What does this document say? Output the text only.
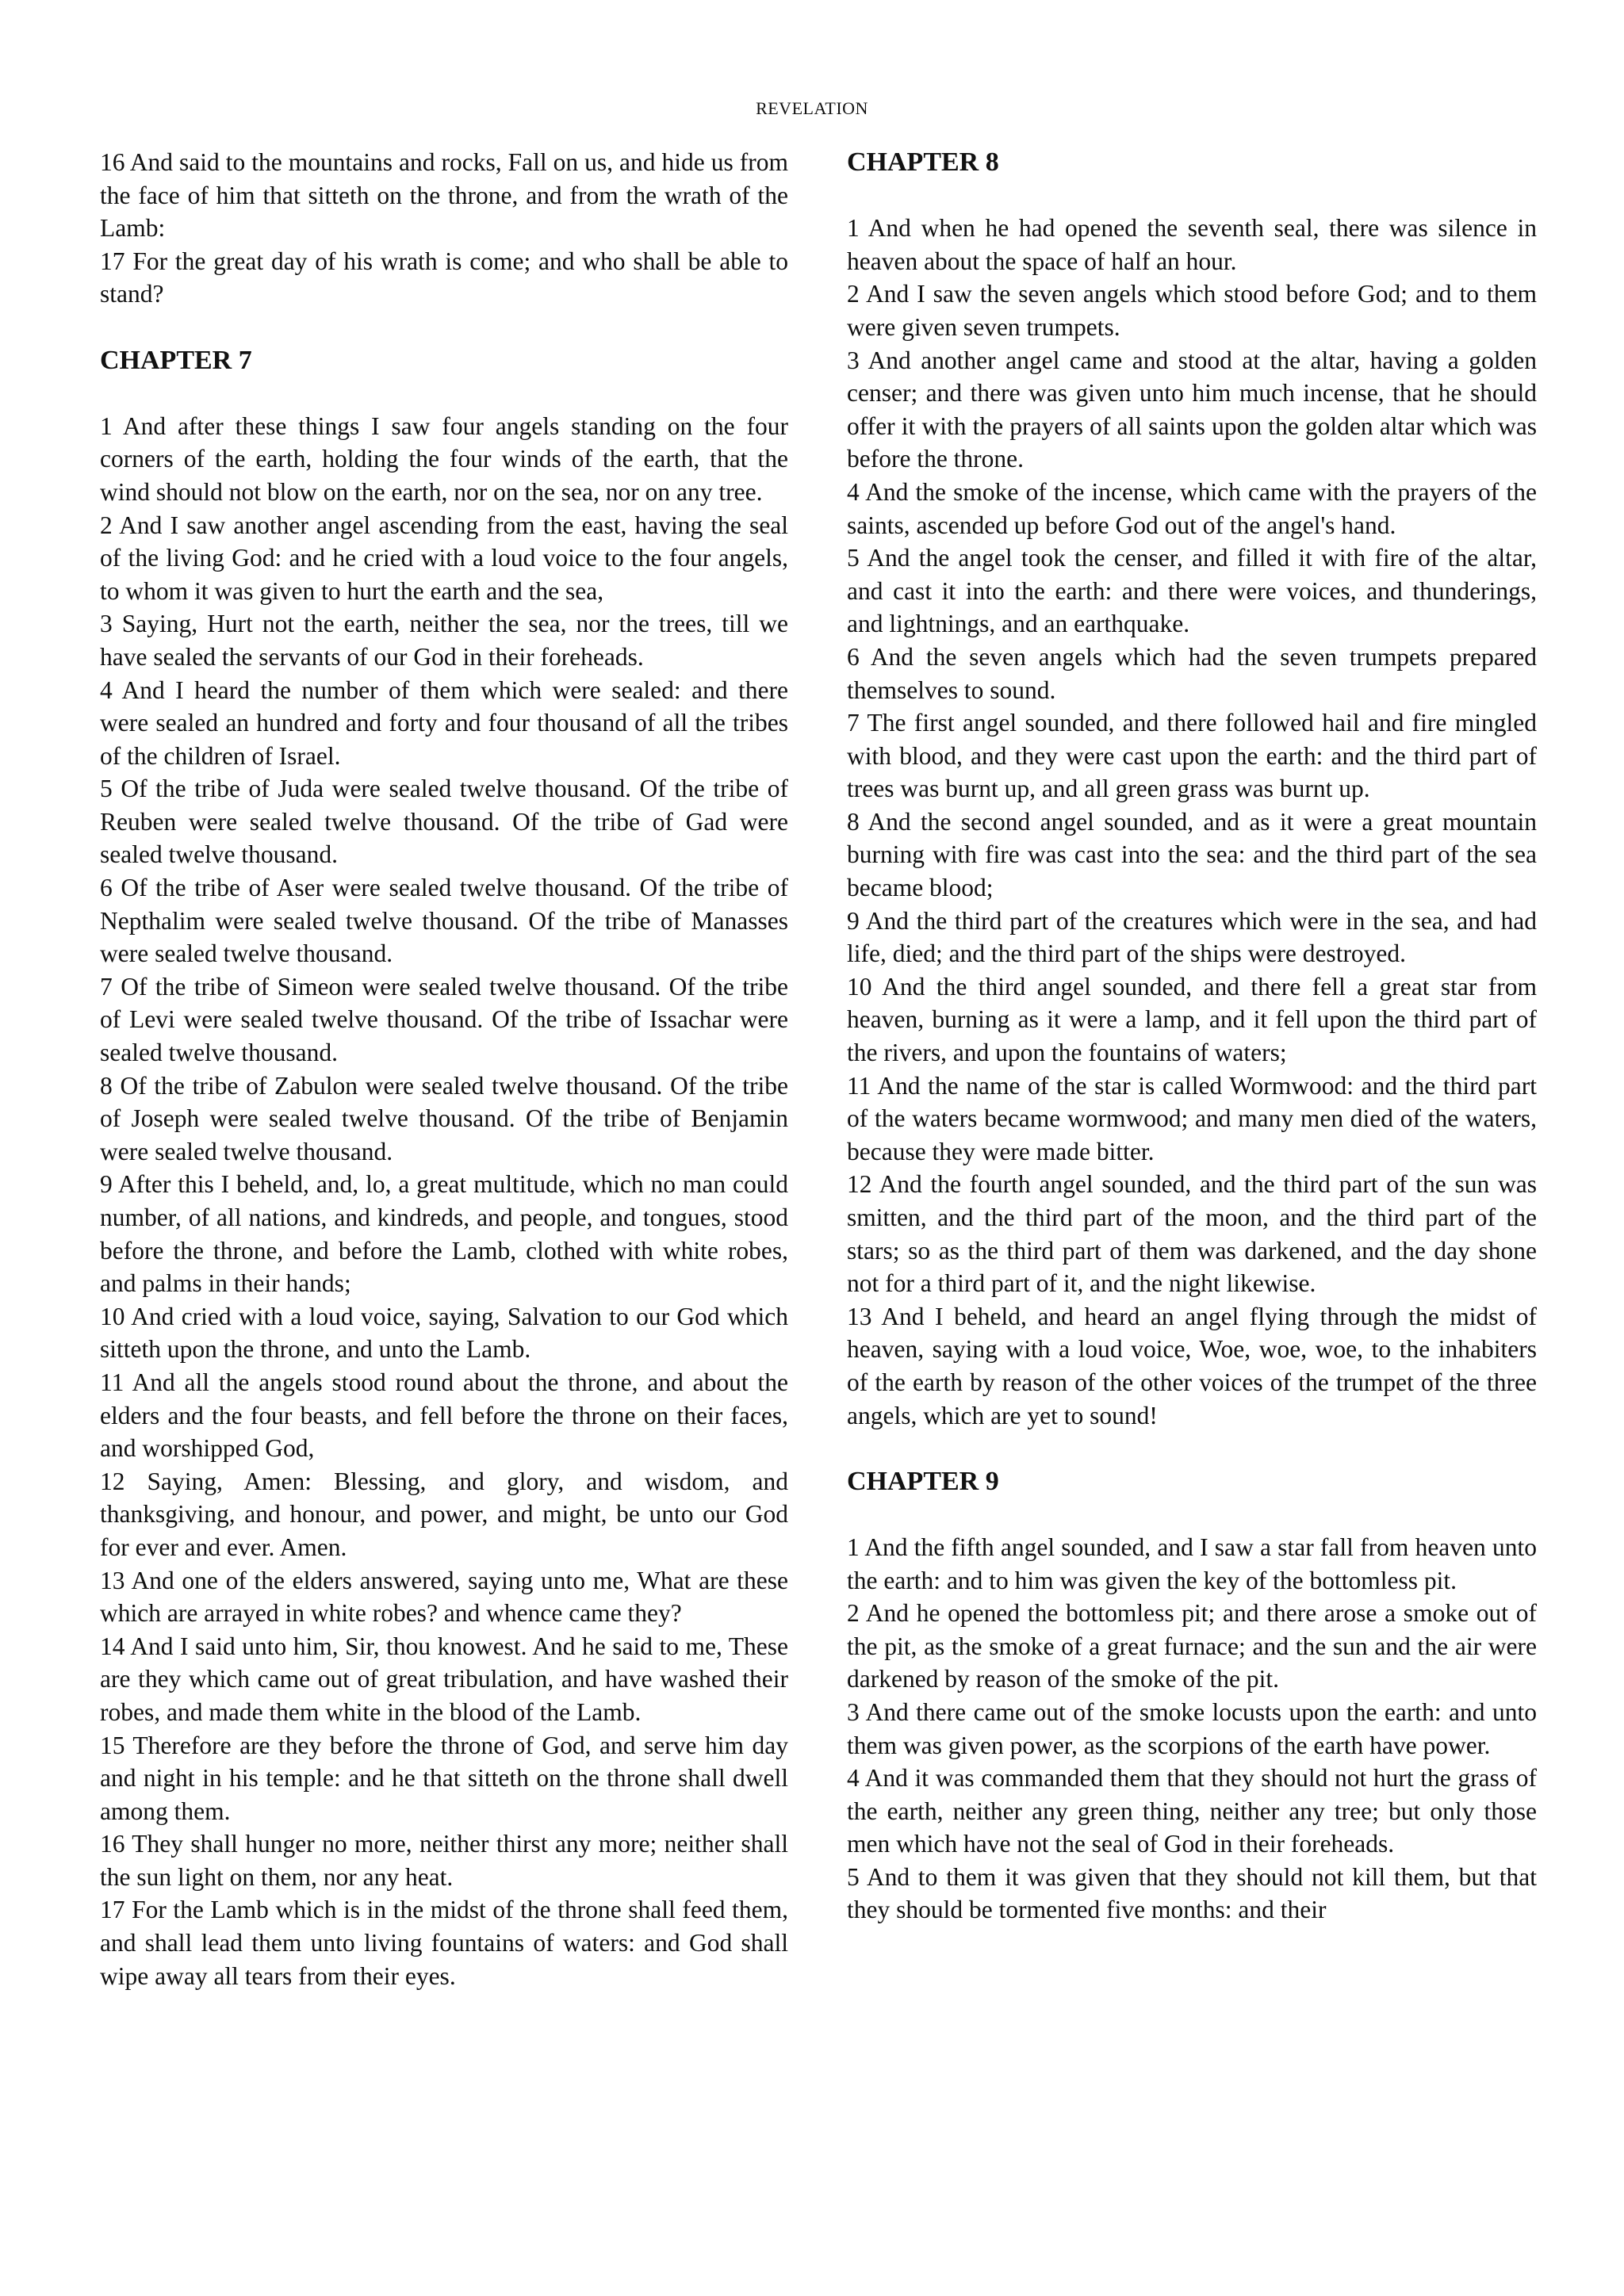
REVELATION

16 And said to the mountains and rocks, Fall on us, and hide us from the face of him that sitteth on the throne, and from the wrath of the Lamb:

17 For the great day of his wrath is come; and who shall be able to stand?

CHAPTER 7

1 And after these things I saw four angels standing on the four corners of the earth, holding the four winds of the earth, that the wind should not blow on the earth, nor on the sea, nor on any tree.

2 And I saw another angel ascending from the east, having the seal of the living God: and he cried with a loud voice to the four angels, to whom it was given to hurt the earth and the sea,

3 Saying, Hurt not the earth, neither the sea, nor the trees, till we have sealed the servants of our God in their foreheads.

4 And I heard the number of them which were sealed: and there were sealed an hundred and forty and four thousand of all the tribes of the children of Israel.

5 Of the tribe of Juda were sealed twelve thousand. Of the tribe of Reuben were sealed twelve thousand. Of the tribe of Gad were sealed twelve thousand.

6 Of the tribe of Aser were sealed twelve thousand. Of the tribe of Nepthalim were sealed twelve thousand. Of the tribe of Manasses were sealed twelve thousand.

7 Of the tribe of Simeon were sealed twelve thousand. Of the tribe of Levi were sealed twelve thousand. Of the tribe of Issachar were sealed twelve thousand.

8 Of the tribe of Zabulon were sealed twelve thousand. Of the tribe of Joseph were sealed twelve thousand. Of the tribe of Benjamin were sealed twelve thousand.

9 After this I beheld, and, lo, a great multitude, which no man could number, of all nations, and kindreds, and people, and tongues, stood before the throne, and before the Lamb, clothed with white robes, and palms in their hands;

10 And cried with a loud voice, saying, Salvation to our God which sitteth upon the throne, and unto the Lamb.

11 And all the angels stood round about the throne, and about the elders and the four beasts, and fell before the throne on their faces, and worshipped God,

12 Saying, Amen: Blessing, and glory, and wisdom, and thanksgiving, and honour, and power, and might, be unto our God for ever and ever. Amen.

13 And one of the elders answered, saying unto me, What are these which are arrayed in white robes? and whence came they?

14 And I said unto him, Sir, thou knowest. And he said to me, These are they which came out of great tribulation, and have washed their robes, and made them white in the blood of the Lamb.

15 Therefore are they before the throne of God, and serve him day and night in his temple: and he that sitteth on the throne shall dwell among them.

16 They shall hunger no more, neither thirst any more; neither shall the sun light on them, nor any heat.

17 For the Lamb which is in the midst of the throne shall feed them, and shall lead them unto living fountains of waters: and God shall wipe away all tears from their eyes.

CHAPTER 8

1 And when he had opened the seventh seal, there was silence in heaven about the space of half an hour.

2 And I saw the seven angels which stood before God; and to them were given seven trumpets.

3 And another angel came and stood at the altar, having a golden censer; and there was given unto him much incense, that he should offer it with the prayers of all saints upon the golden altar which was before the throne.

4 And the smoke of the incense, which came with the prayers of the saints, ascended up before God out of the angel's hand.

5 And the angel took the censer, and filled it with fire of the altar, and cast it into the earth: and there were voices, and thunderings, and lightnings, and an earthquake.

6 And the seven angels which had the seven trumpets prepared themselves to sound.

7 The first angel sounded, and there followed hail and fire mingled with blood, and they were cast upon the earth: and the third part of trees was burnt up, and all green grass was burnt up.

8 And the second angel sounded, and as it were a great mountain burning with fire was cast into the sea: and the third part of the sea became blood;

9 And the third part of the creatures which were in the sea, and had life, died; and the third part of the ships were destroyed.

10 And the third angel sounded, and there fell a great star from heaven, burning as it were a lamp, and it fell upon the third part of the rivers, and upon the fountains of waters;

11 And the name of the star is called Wormwood: and the third part of the waters became wormwood; and many men died of the waters, because they were made bitter.

12 And the fourth angel sounded, and the third part of the sun was smitten, and the third part of the moon, and the third part of the stars; so as the third part of them was darkened, and the day shone not for a third part of it, and the night likewise.

13 And I beheld, and heard an angel flying through the midst of heaven, saying with a loud voice, Woe, woe, woe, to the inhabiters of the earth by reason of the other voices of the trumpet of the three angels, which are yet to sound!

CHAPTER 9

1 And the fifth angel sounded, and I saw a star fall from heaven unto the earth: and to him was given the key of the bottomless pit.

2 And he opened the bottomless pit; and there arose a smoke out of the pit, as the smoke of a great furnace; and the sun and the air were darkened by reason of the smoke of the pit.

3 And there came out of the smoke locusts upon the earth: and unto them was given power, as the scorpions of the earth have power.

4 And it was commanded them that they should not hurt the grass of the earth, neither any green thing, neither any tree; but only those men which have not the seal of God in their foreheads.

5 And to them it was given that they should not kill them, but that they should be tormented five months: and their
